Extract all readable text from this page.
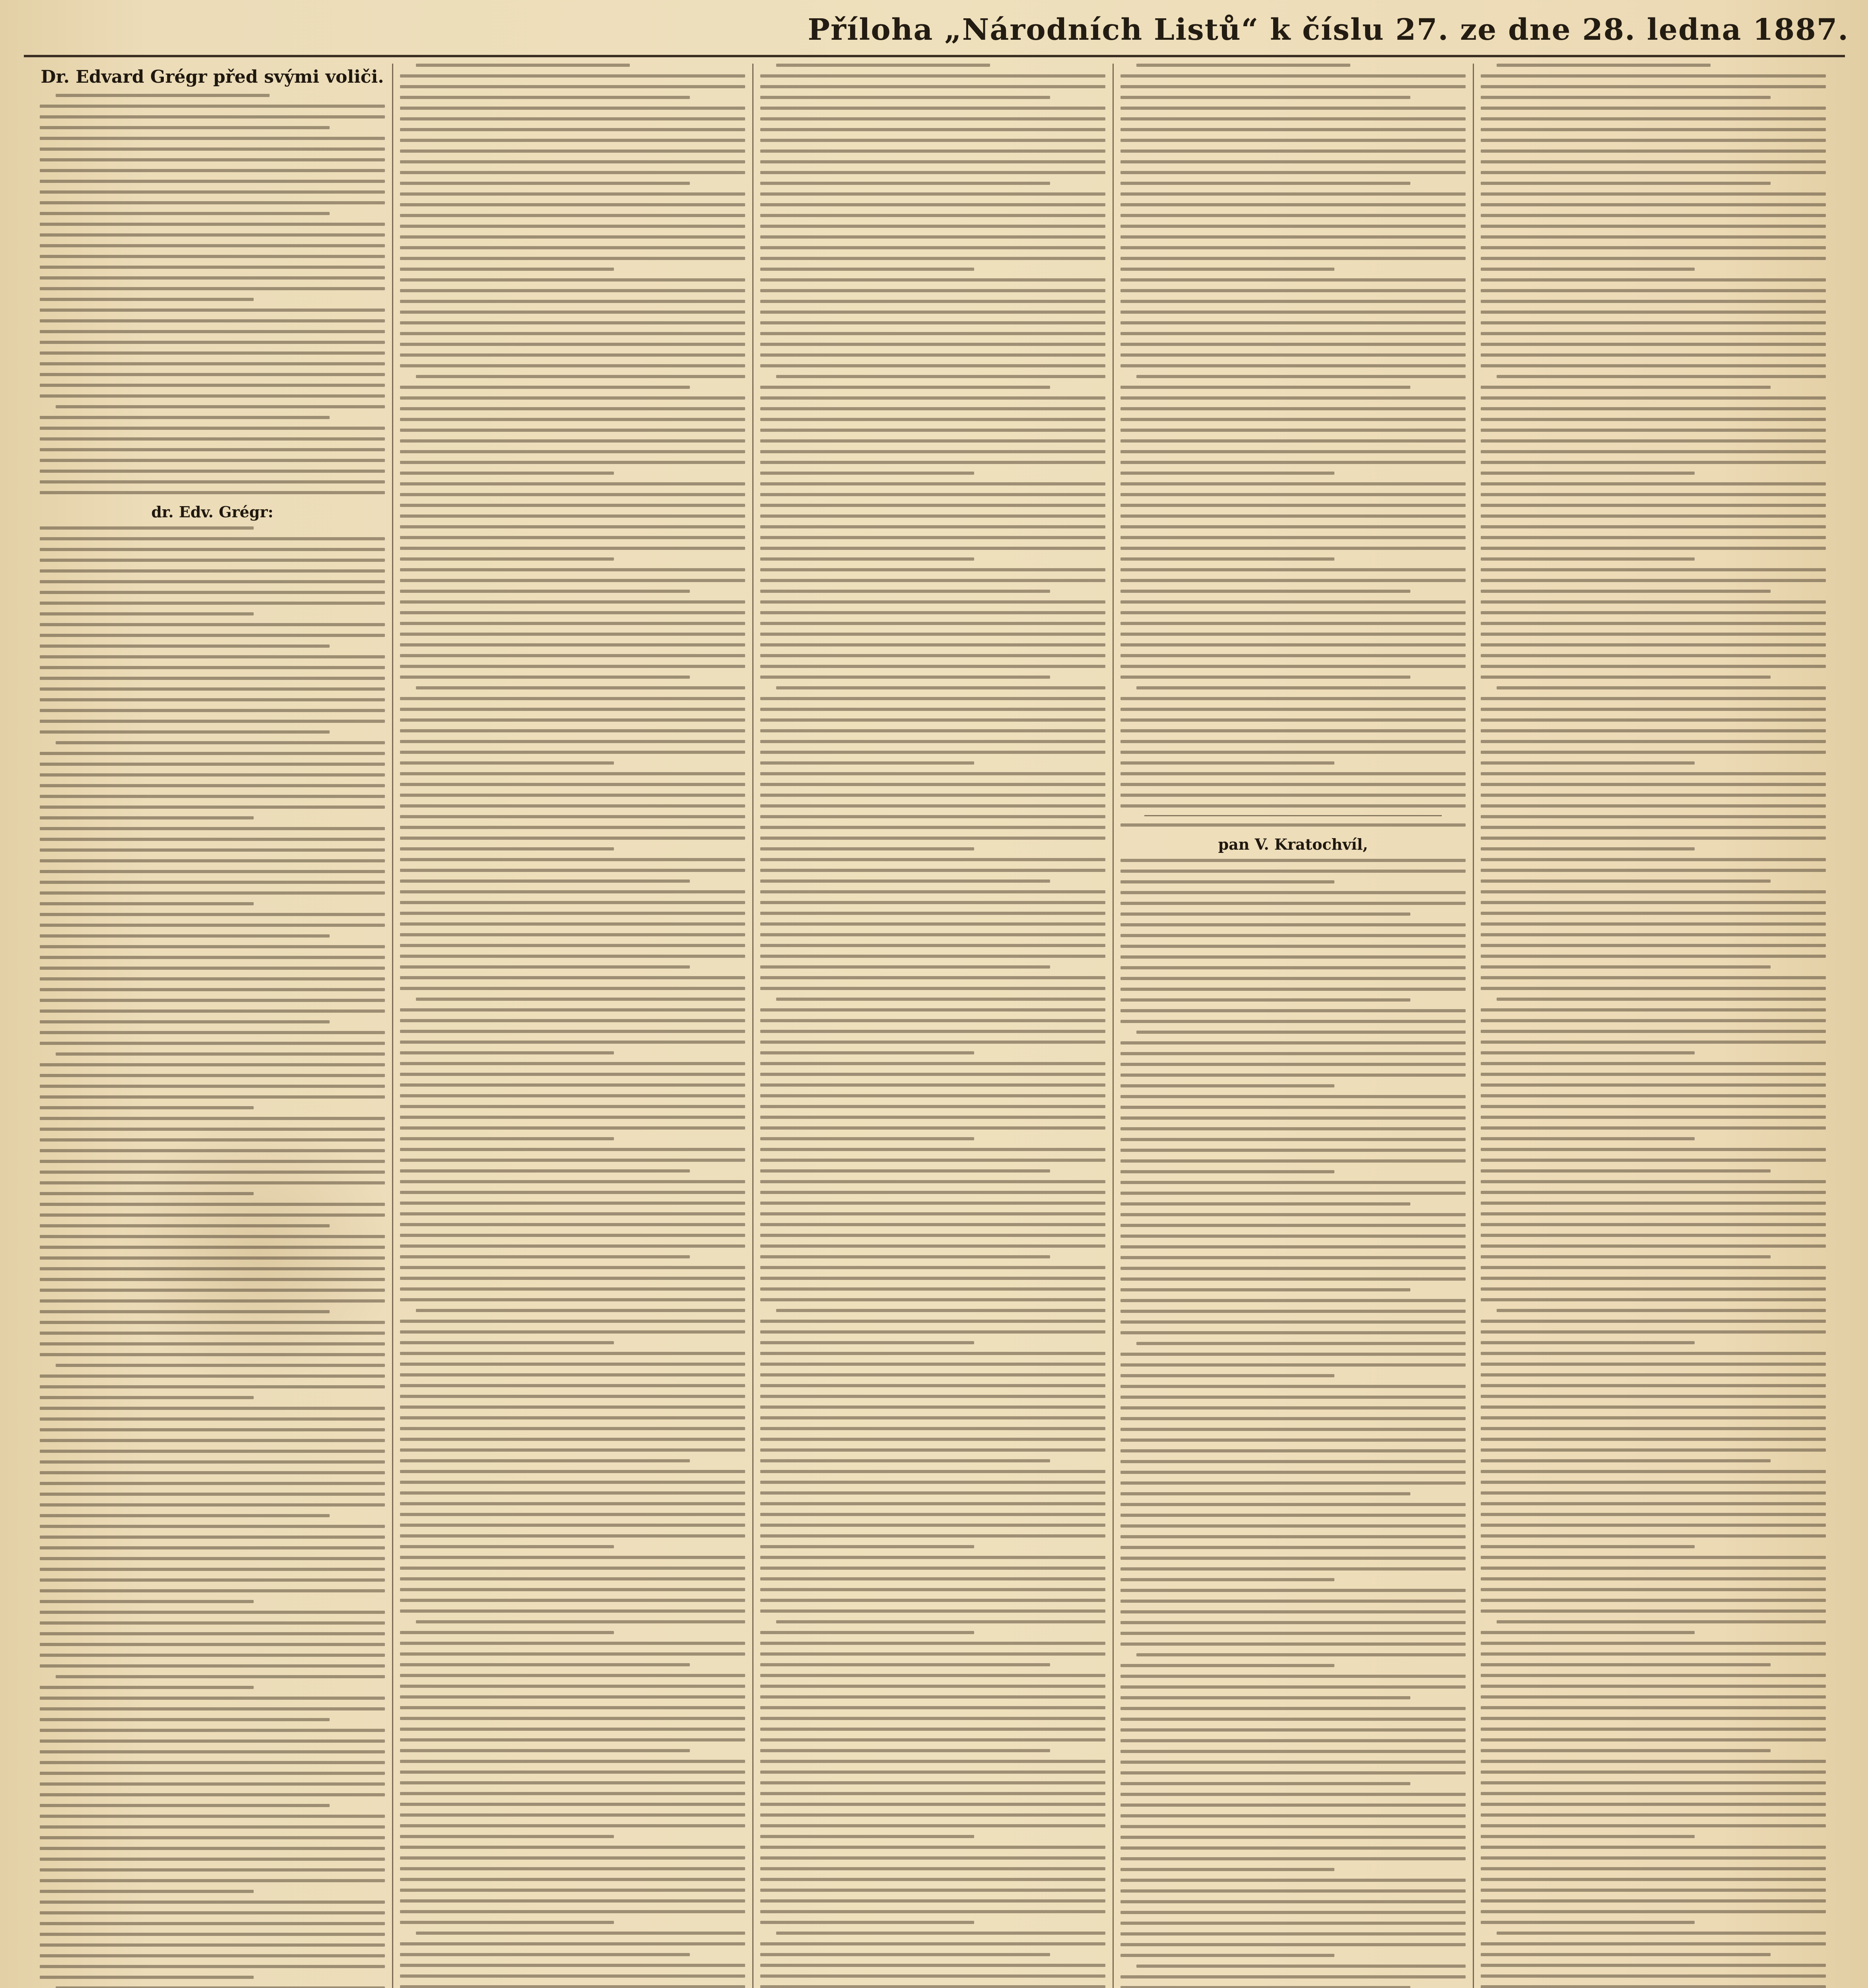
Příloha „Národních Listů“ k číslu 27. ze dne 28. ledna 1887.
Dr. Edvard Grégr před svými voliči.
dr. Edv. Grégr:
pan V. Kratochvíl,
